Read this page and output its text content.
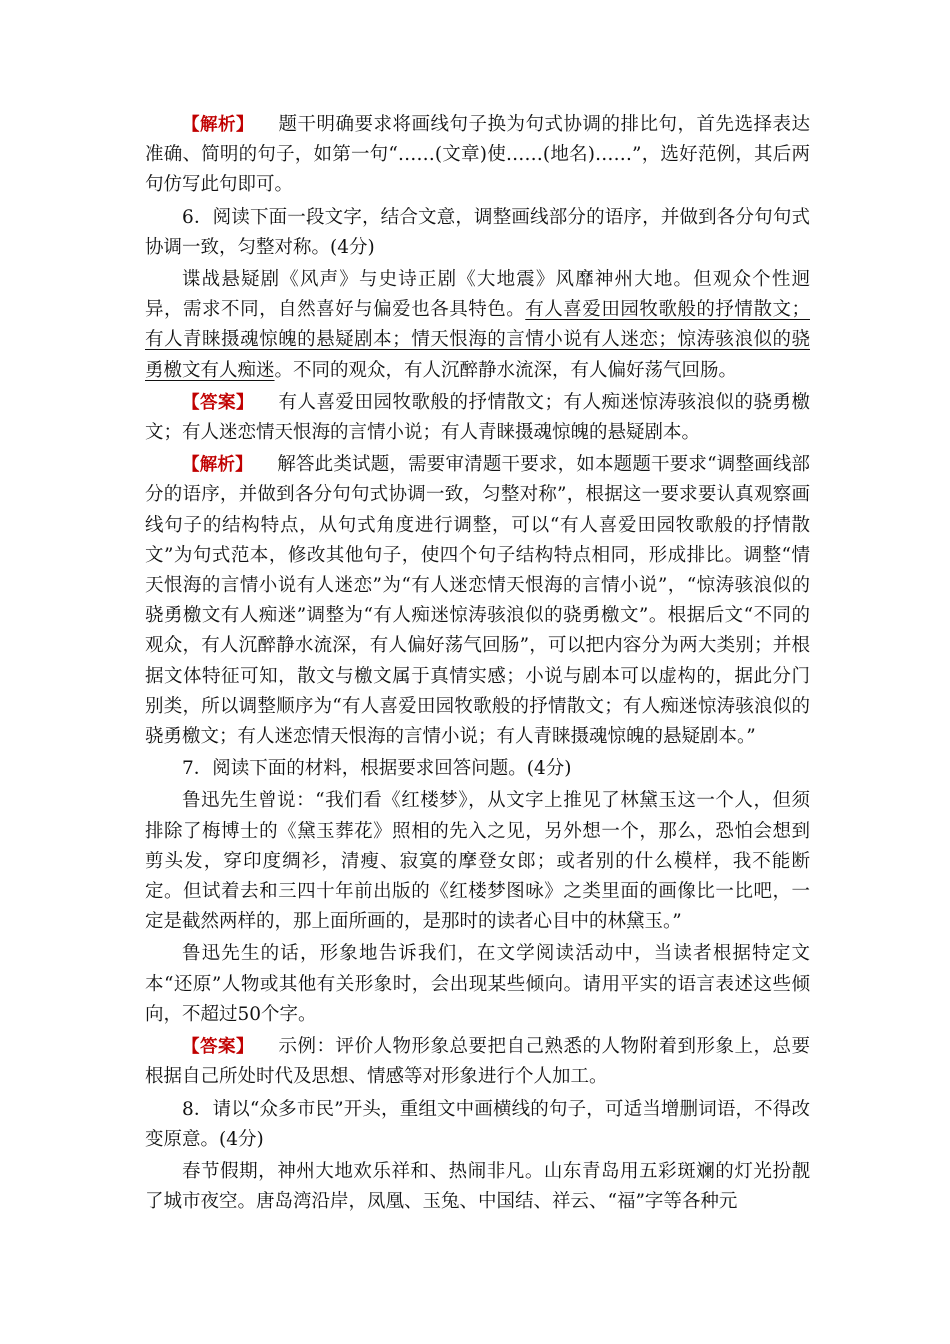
【解析】 题干明确要求将画线句子换为句式协调的排比句，首先选择表达准确、简明的句子，如第一句“……(文章)使……(地名)……”，选好范例，其后两句仿写此句即可。

6．阅读下面一段文字，结合文意，调整画线部分的语序，并做到各分句句式协调一致，匀整对称。(4分)

谍战悬疑剧《风声》与史诗正剧《大地震》风靡神州大地。但观众个性迥异，需求不同，自然喜好与偏爱也各具特色。有人喜爱田园牧歌般的抒情散文；有人青睐摄魂惊魄的悬疑剧本；情天恨海的言情小说有人迷恋；惊涛骇浪似的骁勇檄文有人痴迷。不同的观众，有人沉醉静水流深，有人偏好荡气回肠。

【答案】 有人喜爱田园牧歌般的抒情散文；有人痴迷惊涛骇浪似的骁勇檄文；有人迷恋情天恨海的言情小说；有人青睐摄魂惊魄的悬疑剧本。

【解析】 解答此类试题，需要审清题干要求，如本题题干要求“调整画线部分的语序，并做到各分句句式协调一致，匀整对称”，根据这一要求要认真观察画线句子的结构特点，从句式角度进行调整，可以“有人喜爱田园牧歌般的抒情散文”为句式范本，修改其他句子，使四个句子结构特点相同，形成排比。调整“情天恨海的言情小说有人迷恋”为“有人迷恋情天恨海的言情小说”，“惊涛骇浪似的骁勇檄文有人痴迷”调整为“有人痴迷惊涛骇浪似的骁勇檄文”。根据后文“不同的观众，有人沉醉静水流深，有人偏好荡气回肠”，可以把内容分为两大类别；并根据文体特征可知，散文与檄文属于真情实感；小说与剧本可以虚构的，据此分门别类，所以调整顺序为“有人喜爱田园牧歌般的抒情散文；有人痴迷惊涛骇浪似的骁勇檄文；有人迷恋情天恨海的言情小说；有人青睐摄魂惊魄的悬疑剧本。”

7．阅读下面的材料，根据要求回答问题。(4分)

鲁迅先生曾说：“我们看《红楼梦》，从文字上推见了林黛玉这一个人，但须排除了梅博士的《黛玉葬花》照相的先入之见，另外想一个，那么，恐怕会想到剪头发，穿印度绸衫，清瘦、寂寞的摩登女郎；或者别的什么模样，我不能断定。但试着去和三四十年前出版的《红楼梦图咏》之类里面的画像比一比吧，一定是截然两样的，那上面所画的，是那时的读者心目中的林黛玉。”

鲁迅先生的话，形象地告诉我们，在文学阅读活动中，当读者根据特定文本“还原”人物或其他有关形象时，会出现某些倾向。请用平实的语言表述这些倾向，不超过50个字。

【答案】 示例：评价人物形象总要把自己熟悉的人物附着到形象上，总要根据自己所处时代及思想、情感等对形象进行个人加工。

8．请以“众多市民”开头，重组文中画横线的句子，可适当增删词语，不得改变原意。(4分)

春节假期，神州大地欢乐祥和、热闹非凡。山东青岛用五彩斑斓的灯光扮靓了城市夜空。唐岛湾沿岸，凤凰、玉兔、中国结、祥云、“福”字等各种元
